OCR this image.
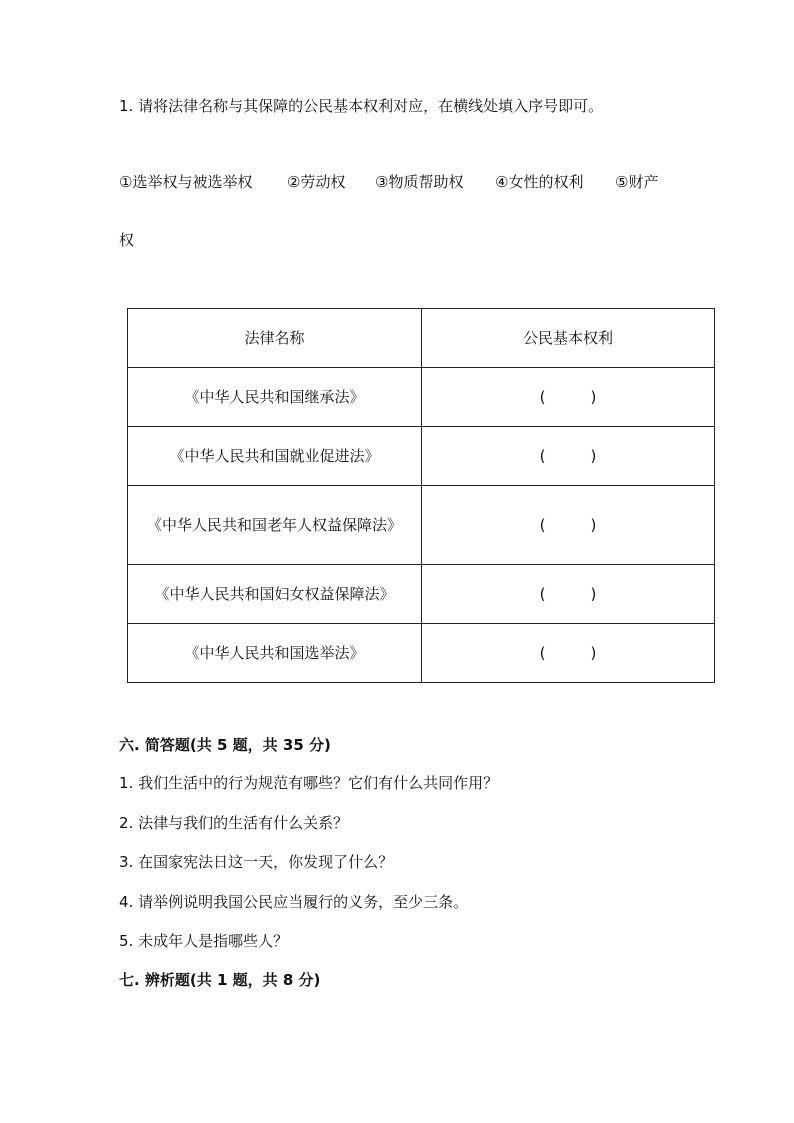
1. 请将法律名称与其保障的公民基本权利对应，在横线处填入序号即可。
①选举权与被选举权 ②劳动权 ③物质帮助权 ④女性的权利 ⑤财产
权
法律名称	公民基本权利
《中华人民共和国继承法》	(　　　)
《中华人民共和国就业促进法》	(　　　)
《中华人民共和国老年人权益保障法》	(　　　)
《中华人民共和国妇女权益保障法》	(　　　)
《中华人民共和国选举法》	(　　　)
六. 简答题(共 5 题，共 35 分)
1. 我们生活中的行为规范有哪些？它们有什么共同作用？
2. 法律与我们的生活有什么关系？
3. 在国家宪法日这一天，你发现了什么？
4. 请举例说明我国公民应当履行的义务，至少三条。
5. 未成年人是指哪些人？
七. 辨析题(共 1 题，共 8 分)
